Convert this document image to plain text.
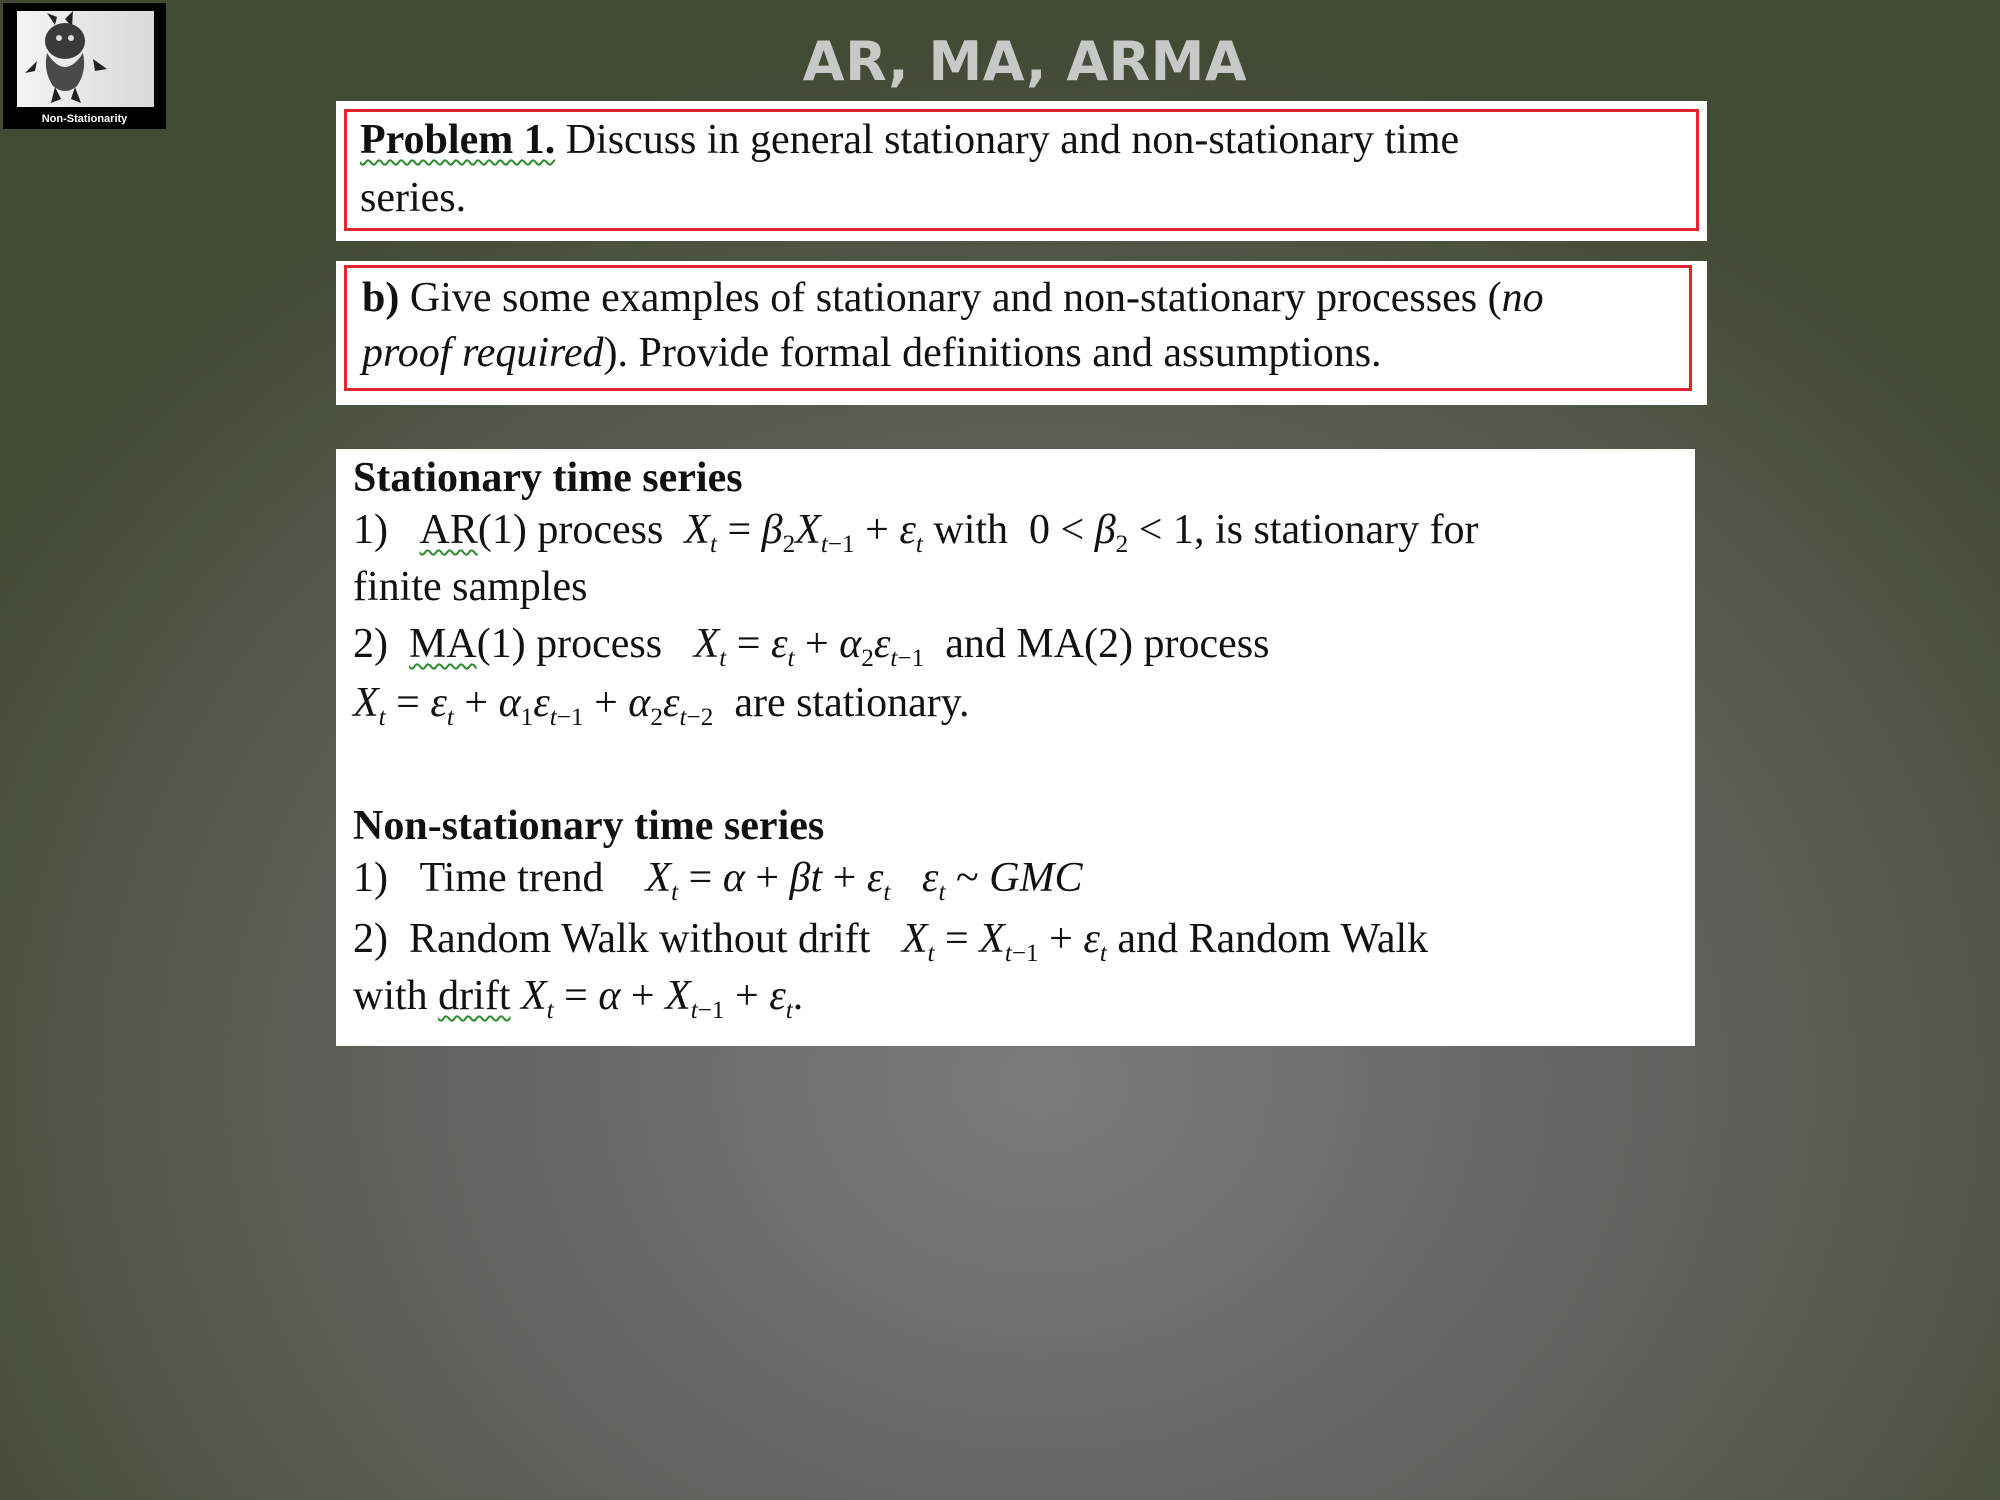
Non-Stationarity
AR, MA, ARMA

Problem 1. Discuss in general stationary and non-stationary time

series.

b) Give some examples of stationary and non-stationary processes (no

proof required). Provide formal definitions and assumptions.

Stationary time series

1) AR(1) process $X_t = \beta_2X_{t-1} + \varepsilon_t$ with  $0 < \beta_2 < 1$, is stationary for

finite samples

2) MA(1) process $X_t = \varepsilon_t + \alpha_2\varepsilon_{t-1}$  and MA(2) process

$X_t = \varepsilon_t + \alpha_1\varepsilon_{t-1} + \alpha_2\varepsilon_{t-2}$  are stationary.

Non-stationary time series

1) Time trend $X_t = \alpha + \beta t + \varepsilon_t$   $\varepsilon_t$ ~ GMC

2) Random Walk without drift $X_t = X_{t-1} + \varepsilon_t$ and Random Walk

with drift $X_t = \alpha + X_{t-1} + \varepsilon_t$.
